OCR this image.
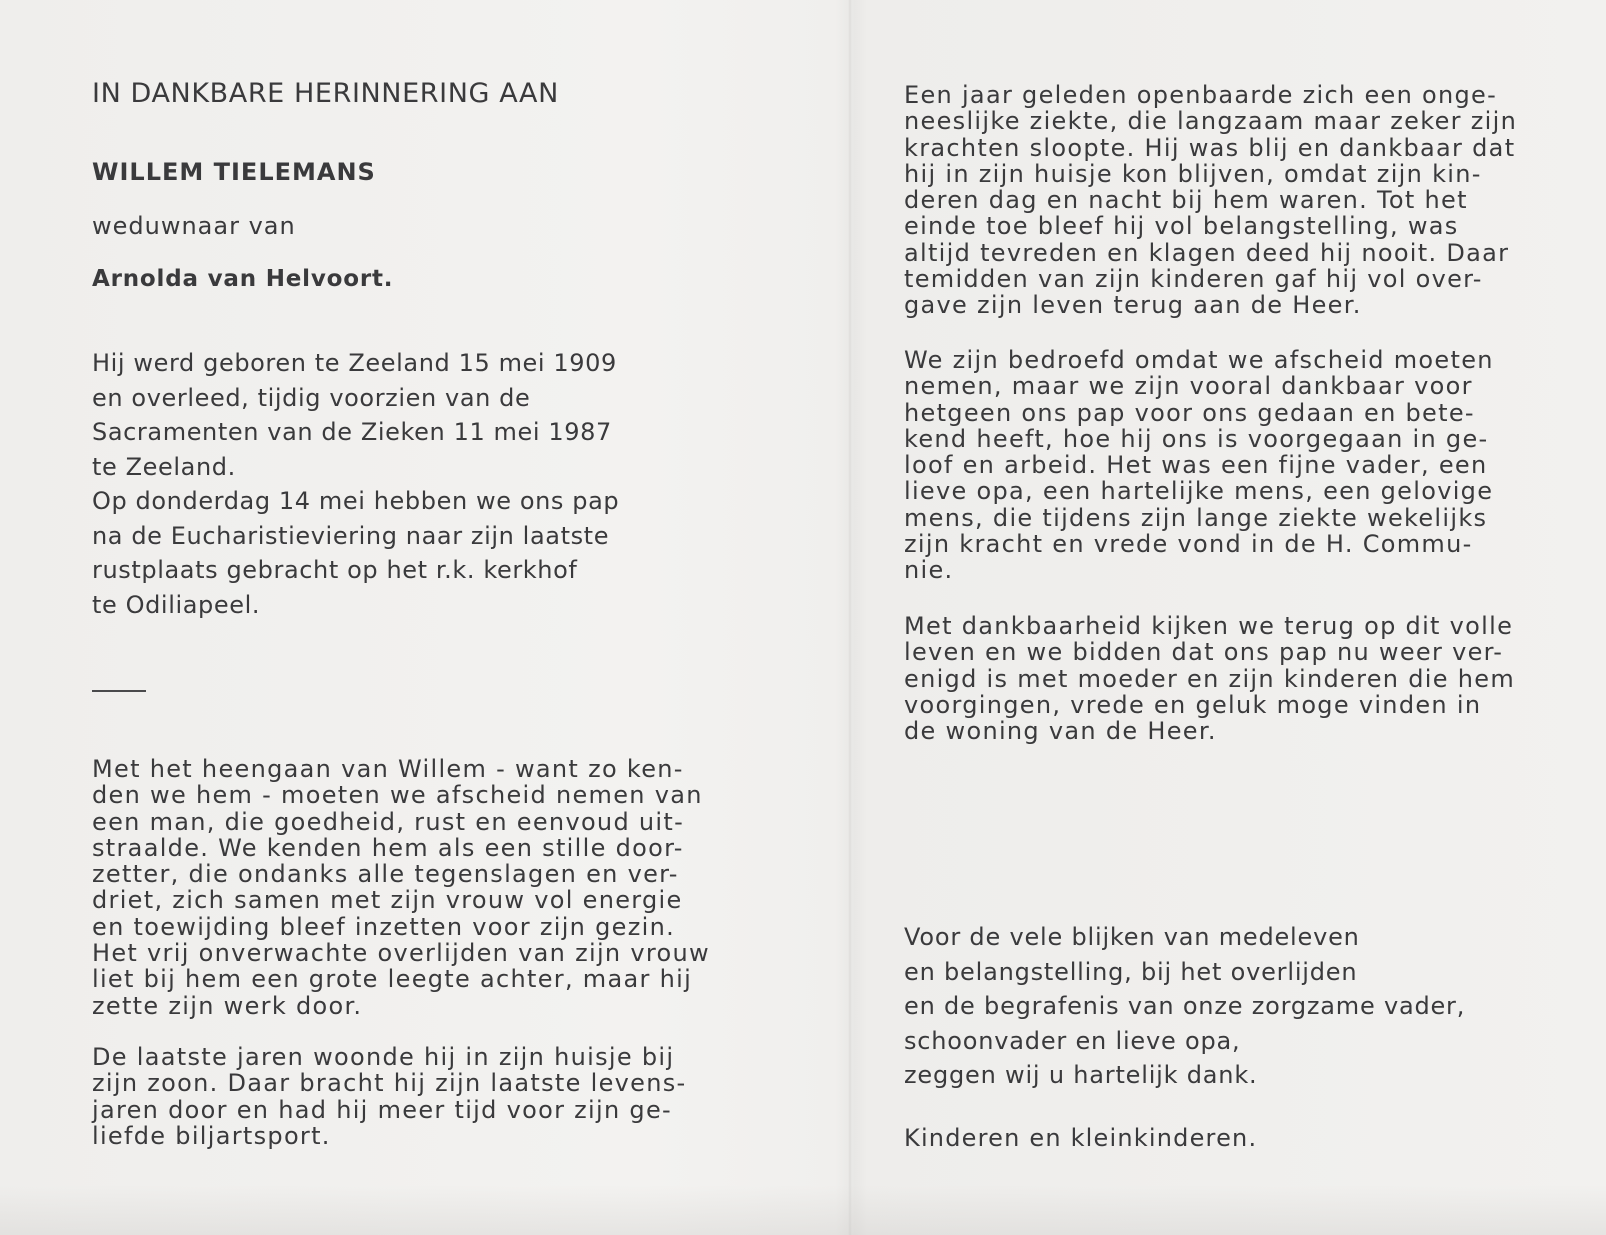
IN DANKBARE HERINNERING AAN
WILLEM TIELEMANS
weduwnaar van
Arnolda van Helvoort.
Hij werd geboren te Zeeland 15 mei 1909
en overleed, tijdig voorzien van de
Sacramenten van de Zieken 11 mei 1987
te Zeeland.
Op donderdag 14 mei hebben we ons pap
na de Eucharistieviering naar zijn laatste
rustplaats gebracht op het r.k. kerkhof
te Odiliapeel.
Met het heengaan van Willem - want zo ken-
den we hem - moeten we afscheid nemen van
een man, die goedheid, rust en eenvoud uit-
straalde. We kenden hem als een stille door-
zetter, die ondanks alle tegenslagen en ver-
driet, zich samen met zijn vrouw vol energie
en toewijding bleef inzetten voor zijn gezin.
Het vrij onverwachte overlijden van zijn vrouw
liet bij hem een grote leegte achter, maar hij
zette zijn werk door.
De laatste jaren woonde hij in zijn huisje bij
zijn zoon. Daar bracht hij zijn laatste levens-
jaren door en had hij meer tijd voor zijn ge-
liefde biljartsport.
Een jaar geleden openbaarde zich een onge-
neeslijke ziekte, die langzaam maar zeker zijn
krachten sloopte. Hij was blij en dankbaar dat
hij in zijn huisje kon blijven, omdat zijn kin-
deren dag en nacht bij hem waren. Tot het
einde toe bleef hij vol belangstelling, was
altijd tevreden en klagen deed hij nooit. Daar
temidden van zijn kinderen gaf hij vol over-
gave zijn leven terug aan de Heer.
We zijn bedroefd omdat we afscheid moeten
nemen, maar we zijn vooral dankbaar voor
hetgeen ons pap voor ons gedaan en bete-
kend heeft, hoe hij ons is voorgegaan in ge-
loof en arbeid. Het was een fijne vader, een
lieve opa, een hartelijke mens, een gelovige
mens, die tijdens zijn lange ziekte wekelijks
zijn kracht en vrede vond in de H. Commu-
nie.
Met dankbaarheid kijken we terug op dit volle
leven en we bidden dat ons pap nu weer ver-
enigd is met moeder en zijn kinderen die hem
voorgingen, vrede en geluk moge vinden in
de woning van de Heer.
Voor de vele blijken van medeleven
en belangstelling, bij het overlijden
en de begrafenis van onze zorgzame vader,
schoonvader en lieve opa,
zeggen wij u hartelijk dank.
Kinderen en kleinkinderen.
